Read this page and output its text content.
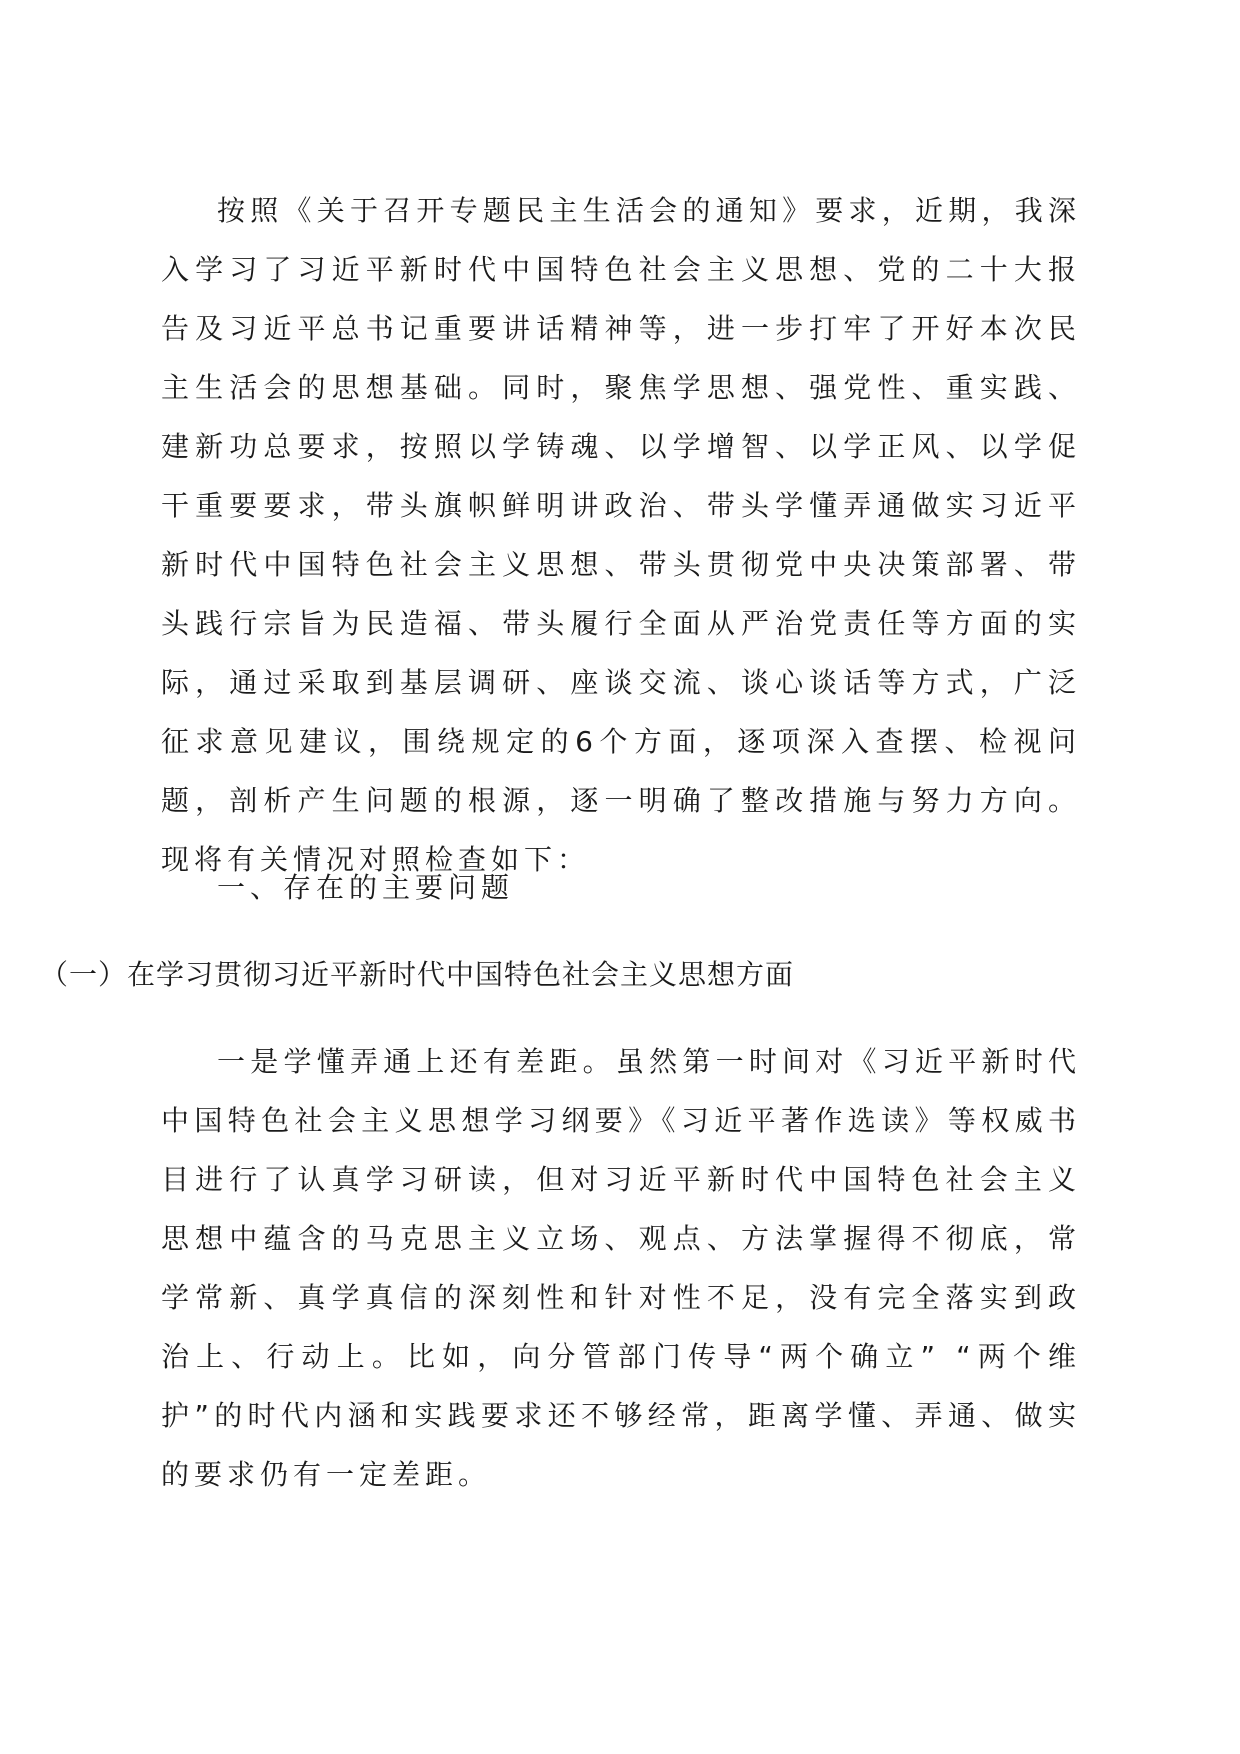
按照《关于召开专题民主生活会的通知》要求，近期，我深入学习了习近平新时代中国特色社会主义思想、党的二十大报告及习近平总书记重要讲话精神等，进一步打牢了开好本次民主生活会的思想基础。同时，聚焦学思想、强党性、重实践、建新功总要求，按照以学铸魂、以学增智、以学正风、以学促干重要要求，带头旗帜鲜明讲政治、带头学懂弄通做实习近平新时代中国特色社会主义思想、带头贯彻党中央决策部署、带头践行宗旨为民造福、带头履行全面从严治党责任等方面的实际，通过采取到基层调研、座谈交流、谈心谈话等方式，广泛征求意见建议，围绕规定的6个方面，逐项深入查摆、检视问题，剖析产生问题的根源，逐一明确了整改措施与努力方向。现将有关情况对照检查如下：

一、存在的主要问题

（一）在学习贯彻习近平新时代中国特色社会主义思想方面

一是学懂弄通上还有差距。虽然第一时间对《习近平新时代中国特色社会主义思想学习纲要》《习近平著作选读》等权威书目进行了认真学习研读，但对习近平新时代中国特色社会主义思想中蕴含的马克思主义立场、观点、方法掌握得不彻底，常学常新、真学真信的深刻性和针对性不足，没有完全落实到政治上、行动上。比如，向分管部门传导“两个确立” “两个维护”的时代内涵和实践要求还不够经常，距离学懂、弄通、做实的要求仍有一定差距。
